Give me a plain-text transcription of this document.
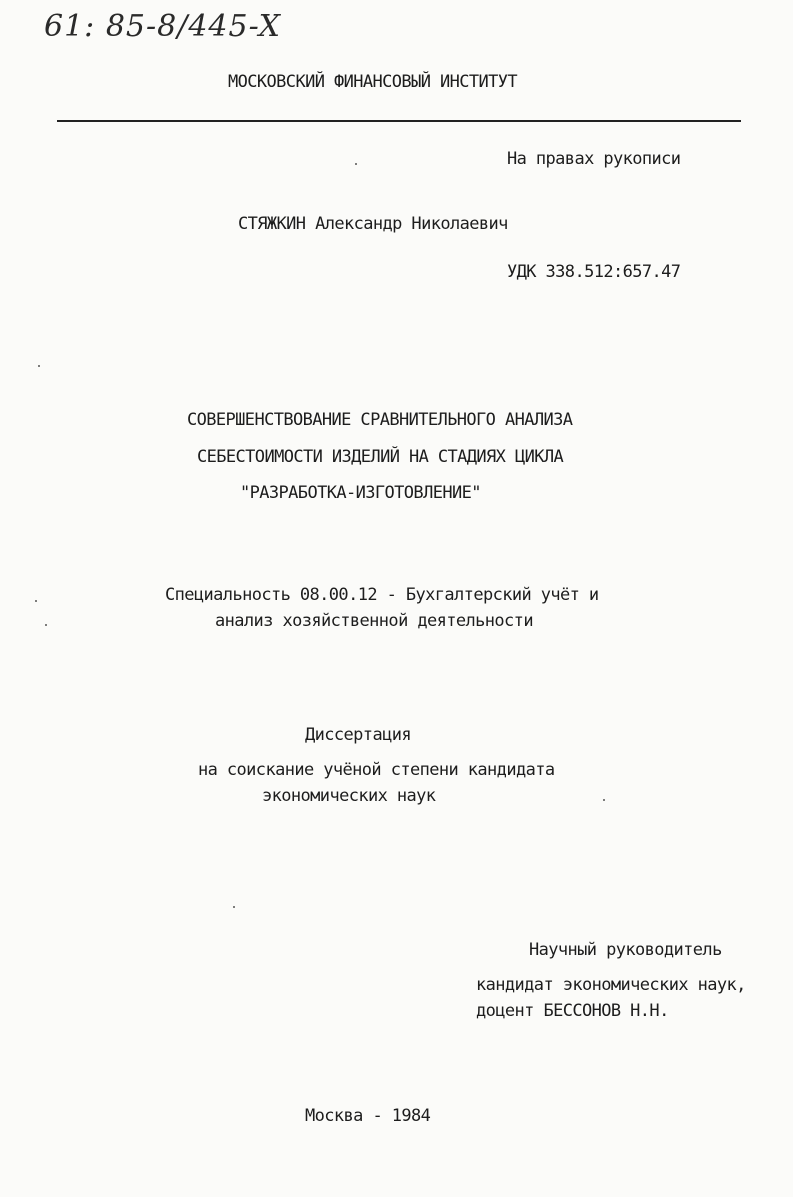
61: 85-8/445-X
МОСКОВСКИЙ ФИНАНСОВЫЙ ИНСТИТУТ
На правах рукописи
СТЯЖКИН Александр Николаевич
УДК 338.512:657.47
СОВЕРШЕНСТВОВАНИЕ СРАВНИТЕЛЬНОГО АНАЛИЗА
СЕБЕСТОИМОСТИ ИЗДЕЛИЙ НА СТАДИЯХ ЦИКЛА
"РАЗРАБОТКА-ИЗГОТОВЛЕНИЕ"
Специальность 08.00.12 - Бухгалтерский учёт и
анализ хозяйственной деятельности
Диссертация
на соискание учёной степени кандидата
экономических наук
Научный руководитель
кандидат экономических наук,
доцент БЕССОНОВ Н.Н.
Москва - 1984
